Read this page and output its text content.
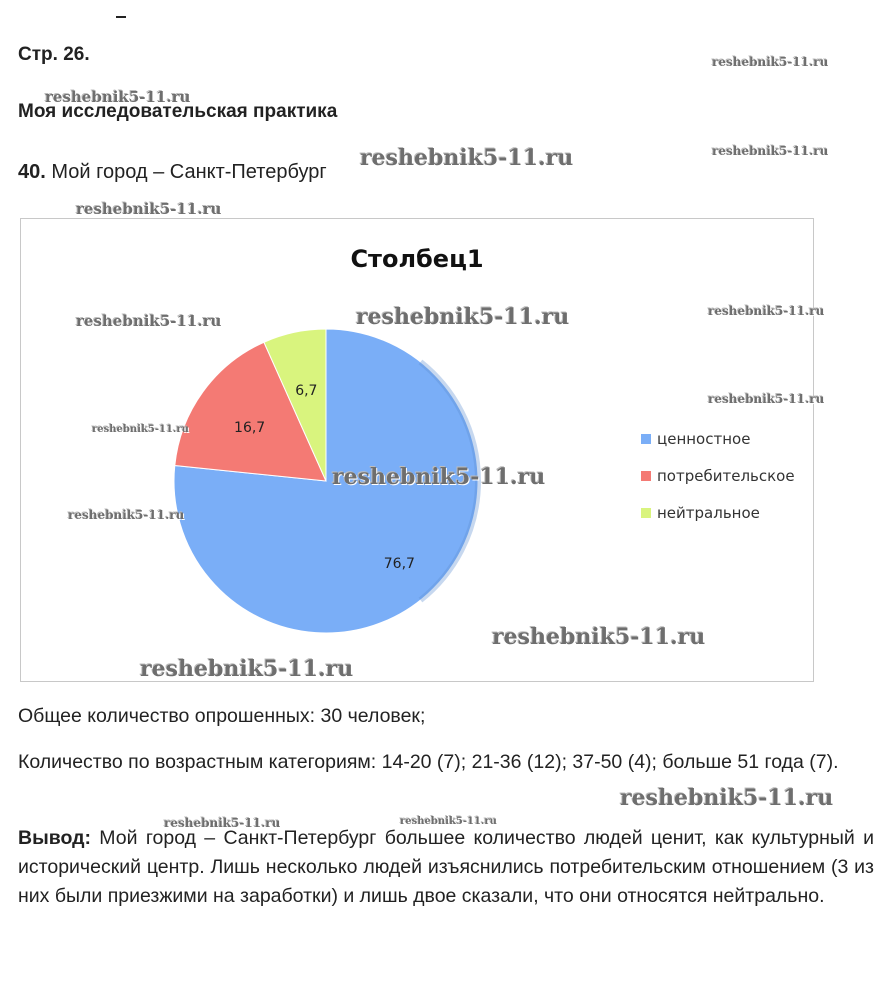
Стр. 26.
Моя исследовательская практика
40. Мой город – Санкт-Петербург
Столбец1
76,7
16,7
6,7
ценностное
потребительское
нейтральное
Общее количество опрошенных: 30 человек;
Количество по возрастным категориям: 14-20 (7); 21-36 (12); 37-50 (4); больше 51 года (7).
Вывод: Мой город – Санкт-Петербург большее количество людей ценит, как культурный и исторический центр. Лишь несколько людей изъяснились потребительским отношением (3 из них были приезжими на заработки) и лишь двое сказали, что они относятся нейтрально.
reshebnik5-11.ru
reshebnik5-11.ru
reshebnik5-11.ru	reshebnik5-11.ru
reshebnik5-11.ru
reshebnik5-11.ru
reshebnik5-11.ru	reshebnik5-11.ru
reshebnik5-11.ru
reshebnik5-11.ru
reshebnik5-11.ru
reshebnik5-11.ru
reshebnik5-11.ru
reshebnik5-11.ru
reshebnik5-11.ru
reshebnik5-11.ru	reshebnik5-11.ru
